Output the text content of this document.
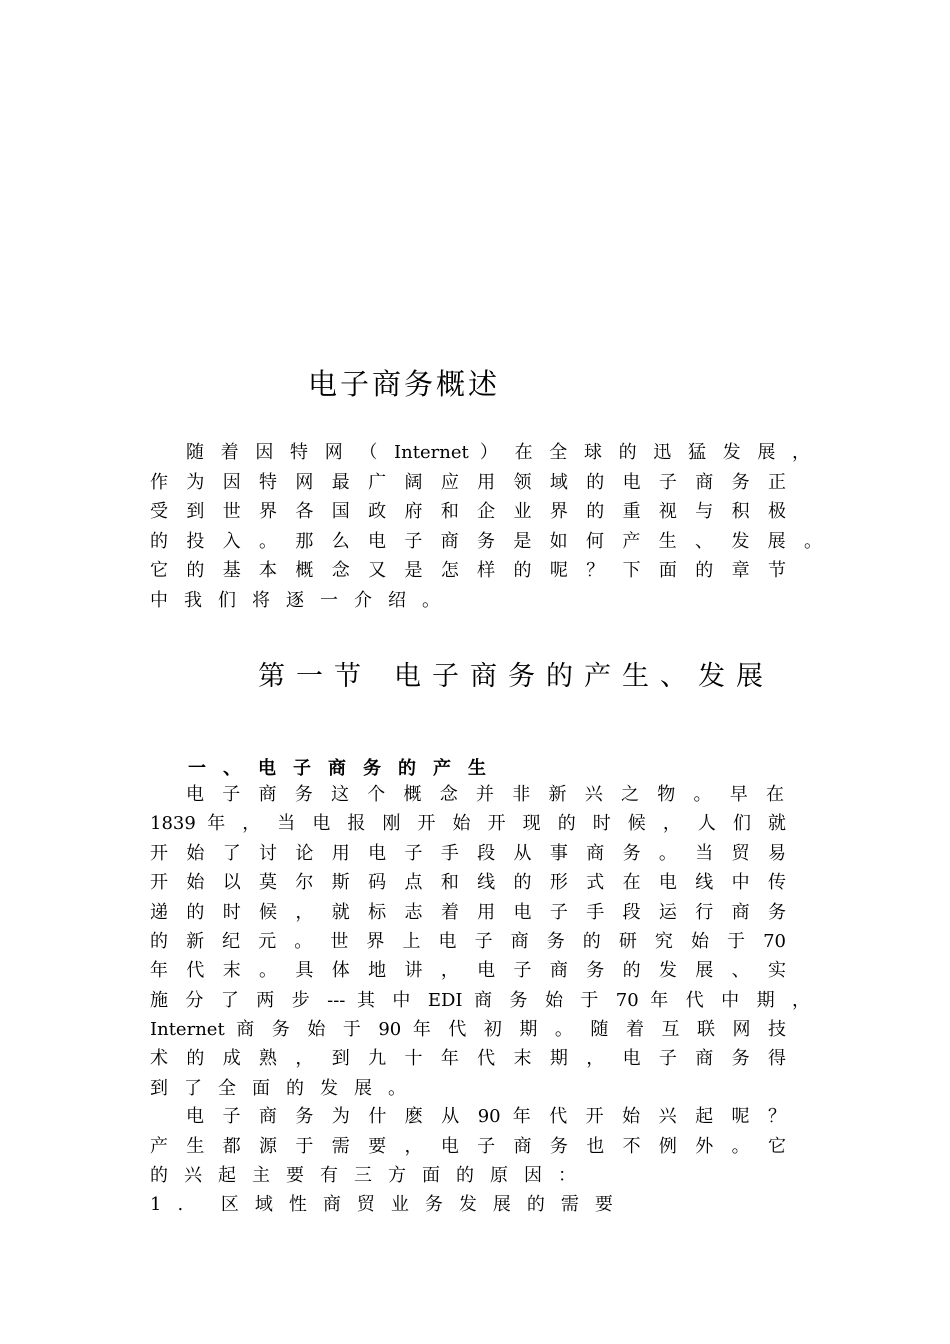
电子商务概述
随 着 因 特 网 （ Internet ） 在 全 球 的 迅 猛 发 展 ，
作 为 因 特 网 最 广 阔 应 用 领 域 的 电 子 商 务 正
受 到 世 界 各 国 政 府 和 企 业 界 的 重 视 与 积 极
的 投 入 。 那 么 电 子 商 务 是 如 何 产 生 、 发 展 。
它 的 基 本 概 念 又 是 怎 样 的 呢 ？ 下 面 的 章 节
中我们将逐一介绍。
第一节 电子商务的产生、发展
一、电子商务的产生
电 子 商 务 这 个 概 念 并 非 新 兴 之 物 。 早 在
1839 年 ， 当 电 报 刚 开 始 开 现 的 时 候 ， 人 们 就
开 始 了 讨 论 用 电 子 手 段 从 事 商 务 。 当 贸 易
开 始 以 莫 尔 斯 码 点 和 线 的 形 式 在 电 线 中 传
递 的 时 候 ， 就 标 志 着 用 电 子 手 段 运 行 商 务
的 新 纪 元 。 世 界 上 电 子 商 务 的 研 究 始 于 70
年 代 末 。 具 体 地 讲 ， 电 子 商 务 的 发 展 、 实
施 分 了 两 步 --- 其 中 EDI 商 务 始 于 70 年 代 中 期 ，
Internet 商 务 始 于 90 年 代 初 期 。 随 着 互 联 网 技
术 的 成 熟 ， 到 九 十 年 代 末 期 ， 电 子 商 务 得
到了全面的发展。
电 子 商 务 为 什 麽 从 90 年 代 开 始 兴 起 呢 ？
产 生 都 源 于 需 要 ， 电 子 商 务 也 不 例 外 。 它
的兴起主要有三方面的原因：
1. 区域性商贸业务发展的需要
